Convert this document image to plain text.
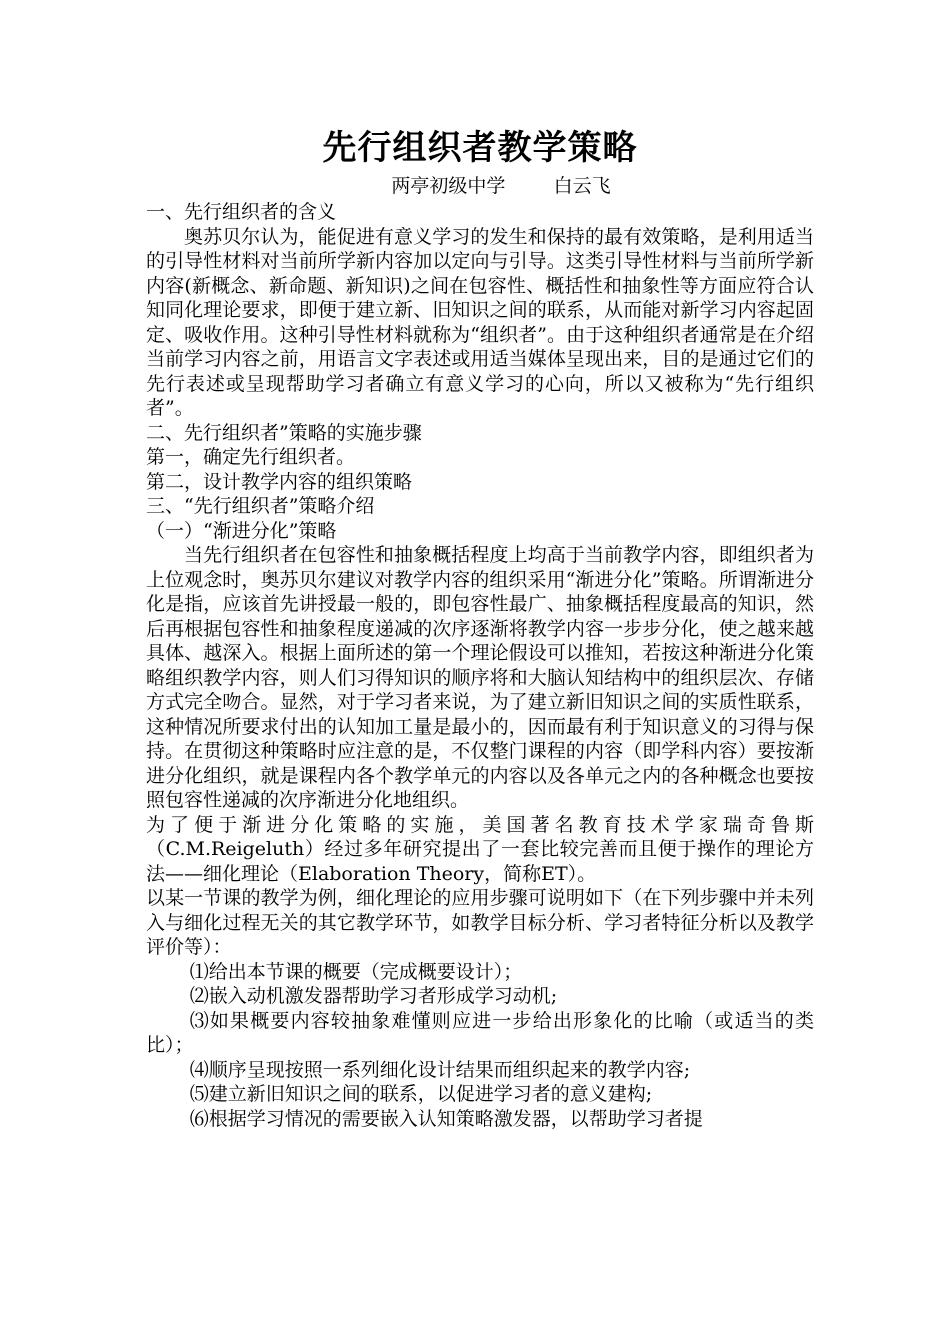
先行组织者教学策略
两亭初级中学        白云飞

一、先行组织者的含义

奥苏贝尔认为，能促进有意义学习的发生和保持的最有效策略，是利用适当的引导性材料对当前所学新内容加以定向与引导。这类引导性材料与当前所学新内容(新概念、新命题、新知识)之间在包容性、概括性和抽象性等方面应符合认知同化理论要求，即便于建立新、旧知识之间的联系，从而能对新学习内容起固定、吸收作用。这种引导性材料就称为“组织者”。由于这种组织者通常是在介绍当前学习内容之前，用语言文字表述或用适当媒体呈现出来，目的是通过它们的先行表述或呈现帮助学习者确立有意义学习的心向，所以又被称为“先行组织者”。

二、先行组织者”策略的实施步骤

第一，确定先行组织者。

第二，设计教学内容的组织策略

三、“先行组织者”策略介绍

（一）“渐进分化”策略

当先行组织者在包容性和抽象概括程度上均高于当前教学内容，即组织者为上位观念时，奥苏贝尔建议对教学内容的组织采用“渐进分化”策略。所谓渐进分化是指，应该首先讲授最一般的，即包容性最广、抽象概括程度最高的知识，然后再根据包容性和抽象程度递减的次序逐渐将教学内容一步步分化，使之越来越具体、越深入。根据上面所述的第一个理论假设可以推知，若按这种渐进分化策略组织教学内容，则人们习得知识的顺序将和大脑认知结构中的组织层次、存储方式完全吻合。显然，对于学习者来说，为了建立新旧知识之间的实质性联系，这种情况所要求付出的认知加工量是最小的，因而最有利于知识意义的习得与保持。在贯彻这种策略时应注意的是，不仅整门课程的内容（即学科内容）要按渐进分化组织，就是课程内各个教学单元的内容以及各单元之内的各种概念也要按照包容性递减的次序渐进分化地组织。

为了便于渐进分化策略的实施，美国著名教育技术学家瑞奇鲁斯（C.M.Reigeluth）经过多年研究提出了一套比较完善而且便于操作的理论方法——细化理论（Elaboration Theory，简称ET）。

以某一节课的教学为例，细化理论的应用步骤可说明如下（在下列步骤中并未列入与细化过程无关的其它教学环节，如教学目标分析、学习者特征分析以及教学评价等）：

⑴给出本节课的概要（完成概要设计）；

⑵嵌入动机激发器帮助学习者形成学习动机;

⑶如果概要内容较抽象难懂则应进一步给出形象化的比喻（或适当的类比）；

⑷顺序呈现按照一系列细化设计结果而组织起来的教学内容;

⑸建立新旧知识之间的联系，以促进学习者的意义建构;

⑹根据学习情况的需要嵌入认知策略激发器，以帮助学习者提
